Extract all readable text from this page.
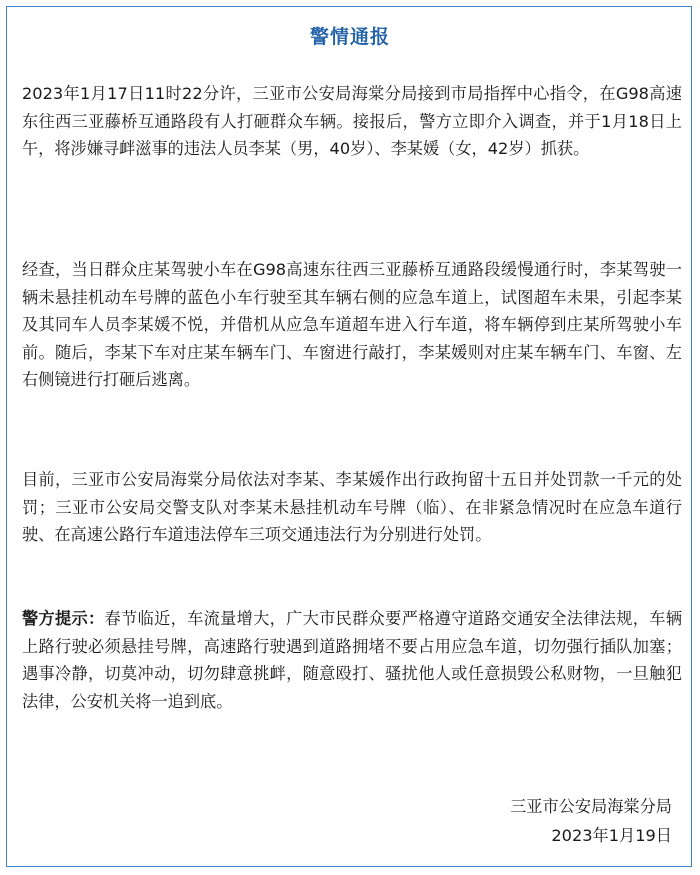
警情通报

2023年1月17日11时22分许，三亚市公安局海棠分局接到市局指挥中心指令，在G98高速东往西三亚藤桥互通路段有人打砸群众车辆。接报后，警方立即介入调查，并于1月18日上午，将涉嫌寻衅滋事的违法人员李某（男，40岁）、李某媛（女，42岁）抓获。

经查，当日群众庄某驾驶小车在G98高速东往西三亚藤桥互通路段缓慢通行时，李某驾驶一辆未悬挂机动车号牌的蓝色小车行驶至其车辆右侧的应急车道上，试图超车未果，引起李某及其同车人员李某媛不悦，并借机从应急车道超车进入行车道，将车辆停到庄某所驾驶小车前。随后，李某下车对庄某车辆车门、车窗进行敲打，李某媛则对庄某车辆车门、车窗、左右侧镜进行打砸后逃离。

目前，三亚市公安局海棠分局依法对李某、李某媛作出行政拘留十五日并处罚款一千元的处罚；三亚市公安局交警支队对李某未悬挂机动车号牌（临）、在非紧急情况时在应急车道行驶、在高速公路行车道违法停车三项交通违法行为分别进行处罚。

警方提示：春节临近，车流量增大，广大市民群众要严格遵守道路交通安全法律法规，车辆上路行驶必须悬挂号牌，高速路行驶遇到道路拥堵不要占用应急车道，切勿强行插队加塞；遇事冷静，切莫冲动，切勿肆意挑衅，随意殴打、骚扰他人或任意损毁公私财物，一旦触犯法律，公安机关将一追到底。

三亚市公安局海棠分局
2023年1月19日
